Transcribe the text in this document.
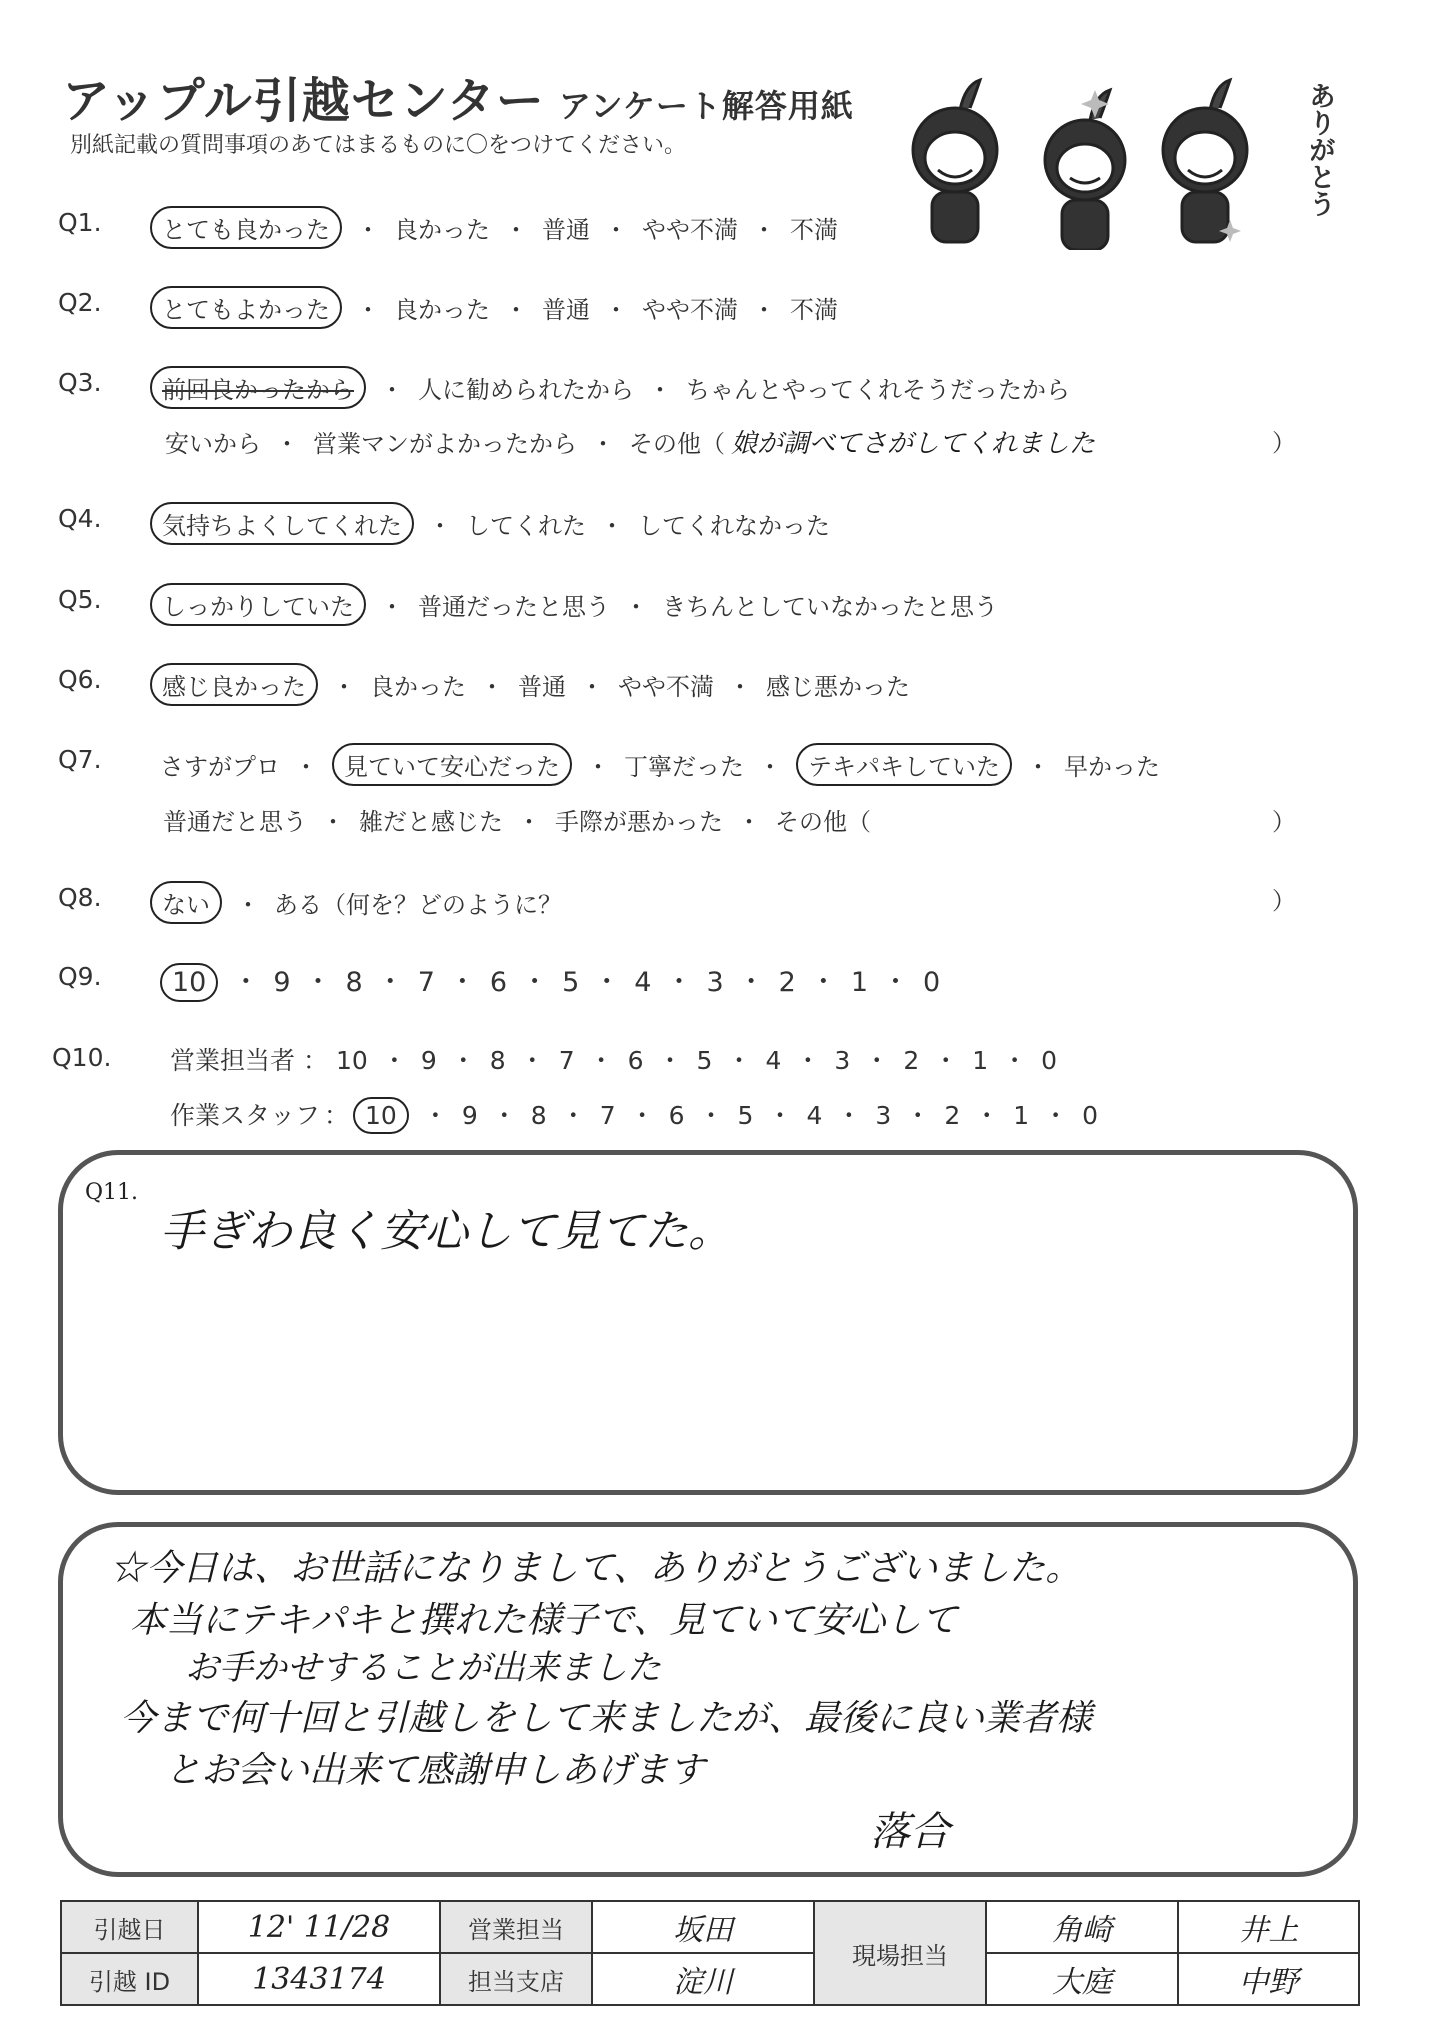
アップル引越センター アンケート解答用紙
別紙記載の質問事項のあてはまるものに〇をつけてください。	ありがとう
Q1.	とても良かった ・ 良かった ・ 普通 ・ やや不満 ・ 不満
Q2.	とてもよかった ・ 良かった ・ 普通 ・ やや不満 ・ 不満
Q3.	前回良かったから ・ 人に勧められたから ・ ちゃんとやってくれそうだったから
安いから ・ 営業マンがよかったから ・ その他（ 娘が調べてさがしてくれました	）
Q4.	気持ちよくしてくれた ・ してくれた ・ してくれなかった
Q5.	しっかりしていた ・ 普通だったと思う ・ きちんとしていなかったと思う
Q6.	感じ良かった ・ 良かった ・ 普通 ・ やや不満 ・ 感じ悪かった
Q7. さすがプロ ・ 見ていて安心だった ・ 丁寧だった ・ テキパキしていた ・ 早かった
普通だと思う ・ 雑だと感じた ・ 手際が悪かった ・ その他（	）
Q8.	ない ・ ある（何を？どのように？	）
Q9.	10 ・ 9 ・ 8 ・ 7 ・ 6 ・ 5 ・ 4 ・ 3 ・ 2 ・ 1 ・ 0
Q10. 営業担当者 ： 10 ・ 9 ・ 8 ・ 7 ・ 6 ・ 5 ・ 4 ・ 3 ・ 2 ・ 1 ・ 0
作業スタッフ ： 10 ・ 9 ・ 8 ・ 7 ・ 6 ・ 5 ・ 4 ・ 3 ・ 2 ・ 1 ・ 0
Q11.
手ぎわ良く安心して見てた。
☆今日は、お世話になりまして、ありがとうございました。
本当にテキパキと撰れた様子で、見ていて安心して
お手かせすることが出来ました
今まで何十回と引越しをして来ましたが、最後に良い業者様
とお会い出来て感謝申しあげます
落合
引越日	12' 11/28	営業担当	坂田	現場担当	角崎	井上
引越 ID	1343174	担当支店	淀川		大庭	中野
